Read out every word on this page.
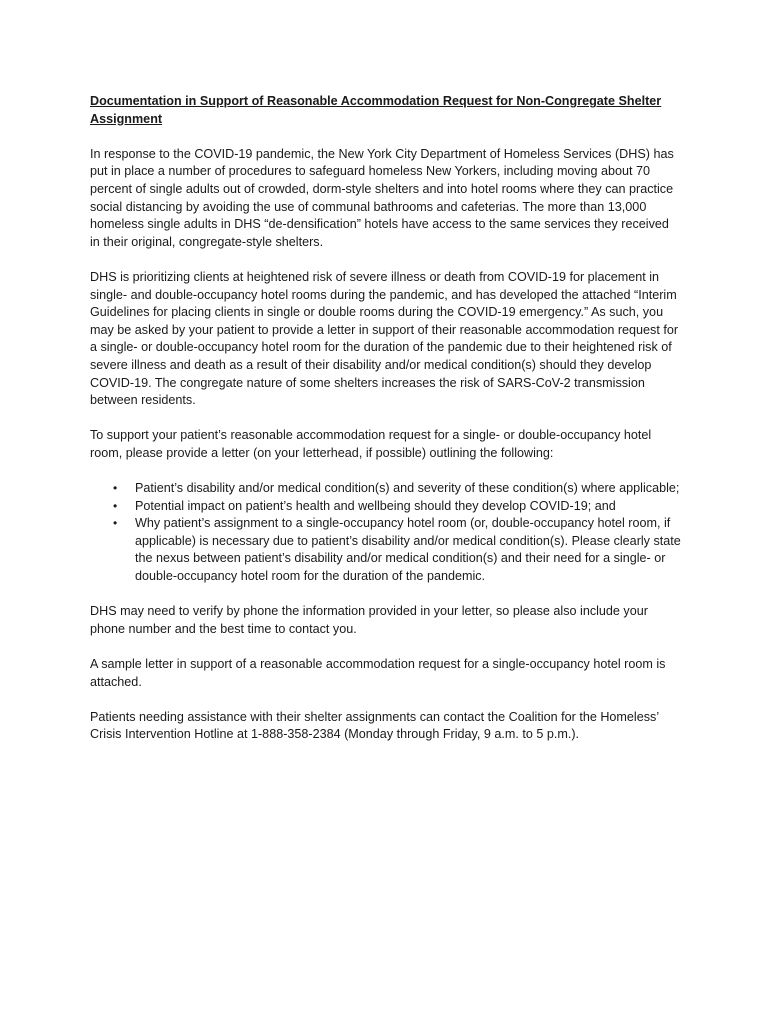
Documentation in Support of Reasonable Accommodation Request for Non-Congregate Shelter Assignment

In response to the COVID-19 pandemic, the New York City Department of Homeless Services (DHS) has put in place a number of procedures to safeguard homeless New Yorkers, including moving about 70 percent of single adults out of crowded, dorm-style shelters and into hotel rooms where they can practice social distancing by avoiding the use of communal bathrooms and cafeterias. The more than 13,000 homeless single adults in DHS “de-densification” hotels have access to the same services they received in their original, congregate-style shelters.

DHS is prioritizing clients at heightened risk of severe illness or death from COVID-19 for placement in single- and double-occupancy hotel rooms during the pandemic, and has developed the attached “Interim Guidelines for placing clients in single or double rooms during the COVID-19 emergency.” As such, you may be asked by your patient to provide a letter in support of their reasonable accommodation request for a single- or double-occupancy hotel room for the duration of the pandemic due to their heightened risk of severe illness and death as a result of their disability and/or medical condition(s) should they develop COVID-19. The congregate nature of some shelters increases the risk of SARS-CoV-2 transmission between residents.

To support your patient’s reasonable accommodation request for a single- or double-occupancy hotel room, please provide a letter (on your letterhead, if possible) outlining the following:

• Patient’s disability and/or medical condition(s) and severity of these condition(s) where applicable;
• Potential impact on patient’s health and wellbeing should they develop COVID-19; and
• Why patient’s assignment to a single-occupancy hotel room (or, double-occupancy hotel room, if applicable) is necessary due to patient’s disability and/or medical condition(s). Please clearly state the nexus between patient’s disability and/or medical condition(s) and their need for a single- or double-occupancy hotel room for the duration of the pandemic.

DHS may need to verify by phone the information provided in your letter, so please also include your phone number and the best time to contact you.

A sample letter in support of a reasonable accommodation request for a single-occupancy hotel room is attached.

Patients needing assistance with their shelter assignments can contact the Coalition for the Homeless’ Crisis Intervention Hotline at 1-888-358-2384 (Monday through Friday, 9 a.m. to 5 p.m.).
